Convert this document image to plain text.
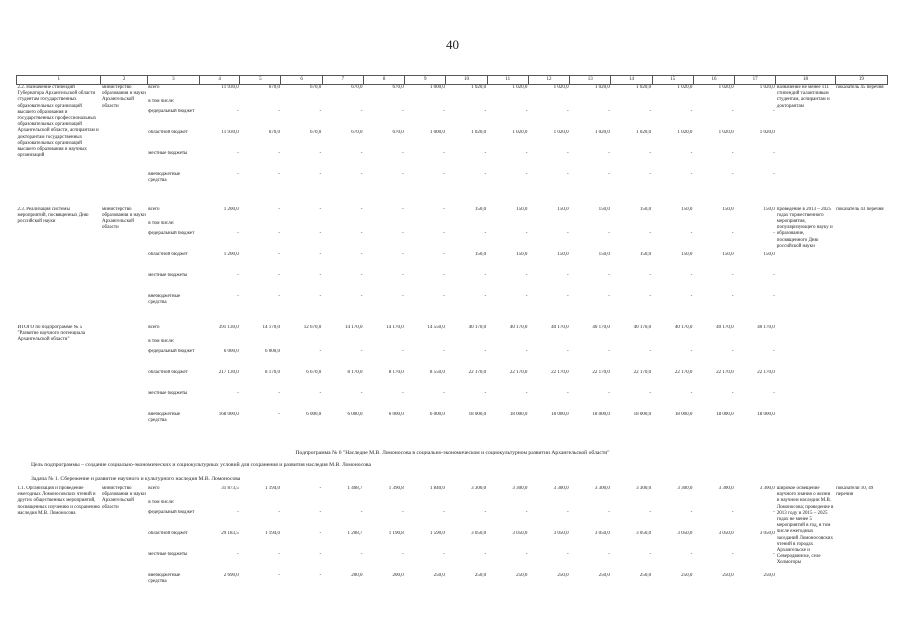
40
1	2	3	4	5	6	7	8	9	10	11	12	13	14	15	16	17	18	19
2.2. Назначение стипендий Губернатора Архангельской области студентам государственных образовательных организаций высшего образования и государственных профессиональных образовательных организаций Архангельской области, аспирантам и докторантам государственных образовательных организаций высшего образования и научных организаций	министерство образования и науки Архангельской области	всего	11 930,0	670,0	670,0	670,0	670,0	1 000,0	1 020,0	1 020,0	1 020,0	1 020,0	1 020,0	1 020,0	1 020,0	1 020,0	назначение не менее 111 стипендий талантливым студентам, аспирантам и докторантам	показатель 45 перечня
		в том числе:																
		федеральный бюджет	-	-	-	-	-	-	-	-	-	-	-	-	-	-		
		областной бюджет	11 930,0	670,0	670,0	670,0	670,0	1 000,0	1 020,0	1 020,0	1 020,0	1 020,0	1 020,0	1 020,0	1 020,0	1 020,0		
		местные бюджеты	-	-	-	-	-	-	-	-	-	-	-	-	-	-		
		внебюджетные средства	-	-	-	-	-	-	-	-	-	-	-	-	-	-		

2.3. Реализация системы мероприятий, посвященных Дню российской науки	министерство образования и науки Архангельской области	всего	1 200,0	-	-	-	-	-	150,0	150,0	150,0	150,0	150,0	150,0	150,0	150,0	проведение в 2013 – 2025 годах торжественного мероприятия, популяризующего науку и образование, посвященного Дню российской науки	показатель 43 перечня
		в том числе:																
		федеральный бюджет	-	-	-	-	-	-	-	-	-	-	-	-	-	-		
		областной бюджет	1 200,0	-	-	-	-	-	150,0	150,0	150,0	150,0	150,0	150,0	150,0	150,0		
		местные бюджеты	-	-	-	-	-	-	-	-	-	-	-	-	-	-		
		внебюджетные средства	-	-	-	-	-	-	-	-	-	-	-	-	-	-		

ИТОГО по подпрограмме № 5 "Развитие научного потенциала Архангельской области"		всего	391 130,0	14 170,0	12 670,0	14 170,0	14 170,0	14 550,0	40 170,0	40 170,0	40 170,0	40 170,0	40 170,0	40 170,0	40 170,0	40 170,0		
		в том числе:																
		федеральный бюджет	6 000,0	6 000,0	-	-	-	-	-	-	-	-	-	-	-	-		
		областной бюджет	217 130,0	8 170,0	6 670,0	8 170,0	8 170,0	8 550,0	22 170,0	22 170,0	22 170,0	22 170,0	22 170,0	22 170,0	22 170,0	22 170,0		
		местные бюджеты	-	-	-	-	-	-	-	-	-	-	-	-	-	-		
		внебюджетные средства	168 000,0	-	6 000,0	6 000,0	6 000,0	6 000,0	18 000,0	18 000,0	18 000,0	18 000,0	18 000,0	18 000,0	18 000,0	18 000,0		

1.1. Организация и проведение ежегодных Ломоносовских чтений и других общественных мероприятий, посвященных изучению и сохранению наследия М.В. Ломоносова	министерство образования и науки Архангельской области	всего	31 873,5	1 194,0	-	1 408,7	1 390,8	1 840,0	3 300,0	3 300,0	3 300,0	3 300,0	3 300,0	3 300,0	3 300,0	3 300,0	широкое освещение научного знания о жизни и научном наследии М.В. Ломоносова; проведение в 2013 году и 2015 – 2025 годах не менее 5 мероприятий в год, в том числе ежегодных заседаний Ломоносовских чтений в городах Архангельске и Северодвинске, селе Холмогоры	показатели 10, 49 перечня
		в том числе:																
		федеральный бюджет	-	-	-	-	-	-	-	-	-	-	-	-	-	-		
		областной бюджет	29 183,5	1 194,0	-	1 208,7	1 190,8	1 590,0	3 050,0	3 050,0	3 050,0	3 050,0	3 050,0	3 050,0	3 050,0	3 050,0		
		местные бюджеты	-	-	-	-	-	-	-	-	-	-	-	-	-	-		
		внебюджетные средства	2 690,0	-	-	200,0	200,0	250,0	250,0	250,0	250,0	250,0	250,0	250,0	250,0	250,0		
Подпрограмма № 6 "Наследие М.В. Ломоносова в социально-экономическом и социокультурном развитии Архангельской области"
Цель подпрограммы – создание социально-экономических и социокультурных условий для сохранения и развития наследия М.В. Ломоносова
Задача № 1. Сбережение и развитие научного и культурного наследия М.В. Ломоносова
